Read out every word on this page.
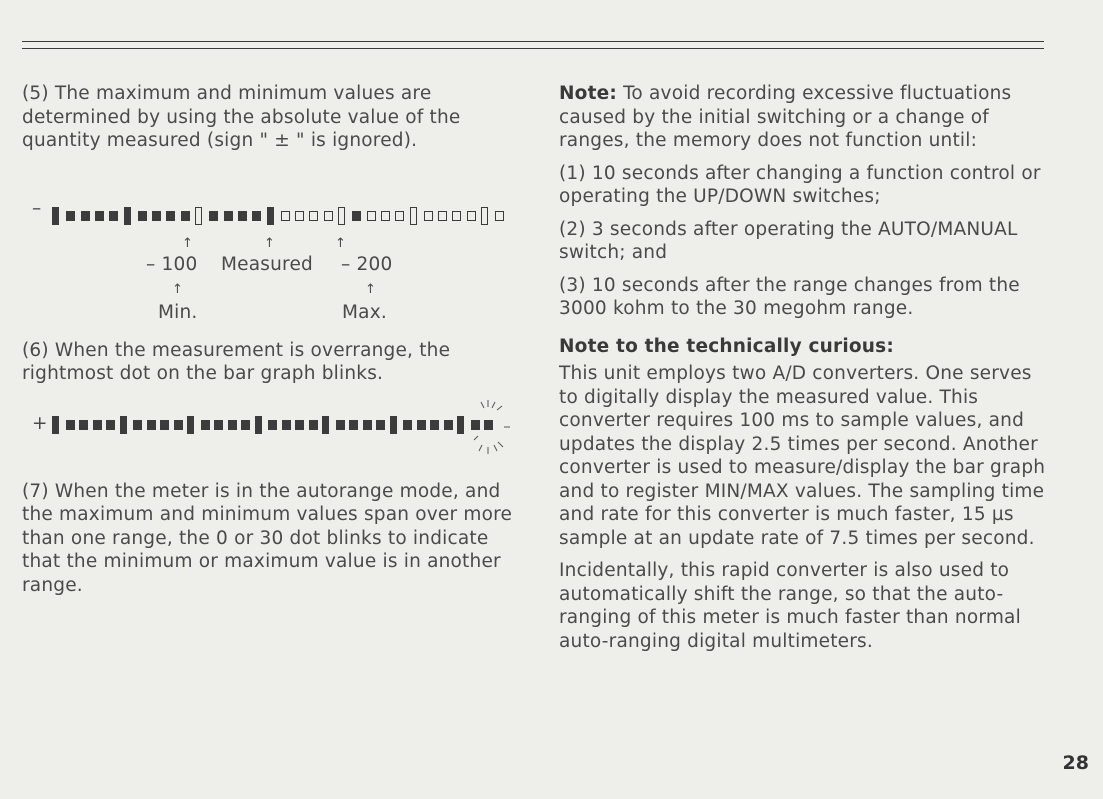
(5) The maximum and minimum values are determined by using the absolute value of the quantity measured (sign " ± " is ignored).

–
↑	↑	↑
– 100 Measured – 200
↑	↑
Min.	Max.

(6) When the measurement is overrange, the rightmost dot on the bar graph blinks.

+

(7) When the meter is in the autorange mode, and the maximum and minimum values span over more than one range, the 0 or 30 dot blinks to indicate that the minimum or maximum value is in another range.

Note: To avoid recording excessive fluctuations caused by the initial switching or a change of ranges, the memory does not function until:

(1) 10 seconds after changing a function control or operating the UP/DOWN switches;

(2) 3 seconds after operating the AUTO/MANUAL switch; and

(3) 10 seconds after the range changes from the 3000 kohm to the 30 megohm range.

Note to the technically curious:

This unit employs two A/D converters. One serves to digitally display the measured value. This converter requires 100 ms to sample values, and updates the display 2.5 times per second. Another converter is used to measure/display the bar graph and to register MIN/MAX values. The sampling time and rate for this converter is much faster, 15 µs sample at an update rate of 7.5 times per second.

Incidentally, this rapid converter is also used to automatically shift the range, so that the auto-ranging of this meter is much faster than normal auto-ranging digital multimeters.

28
